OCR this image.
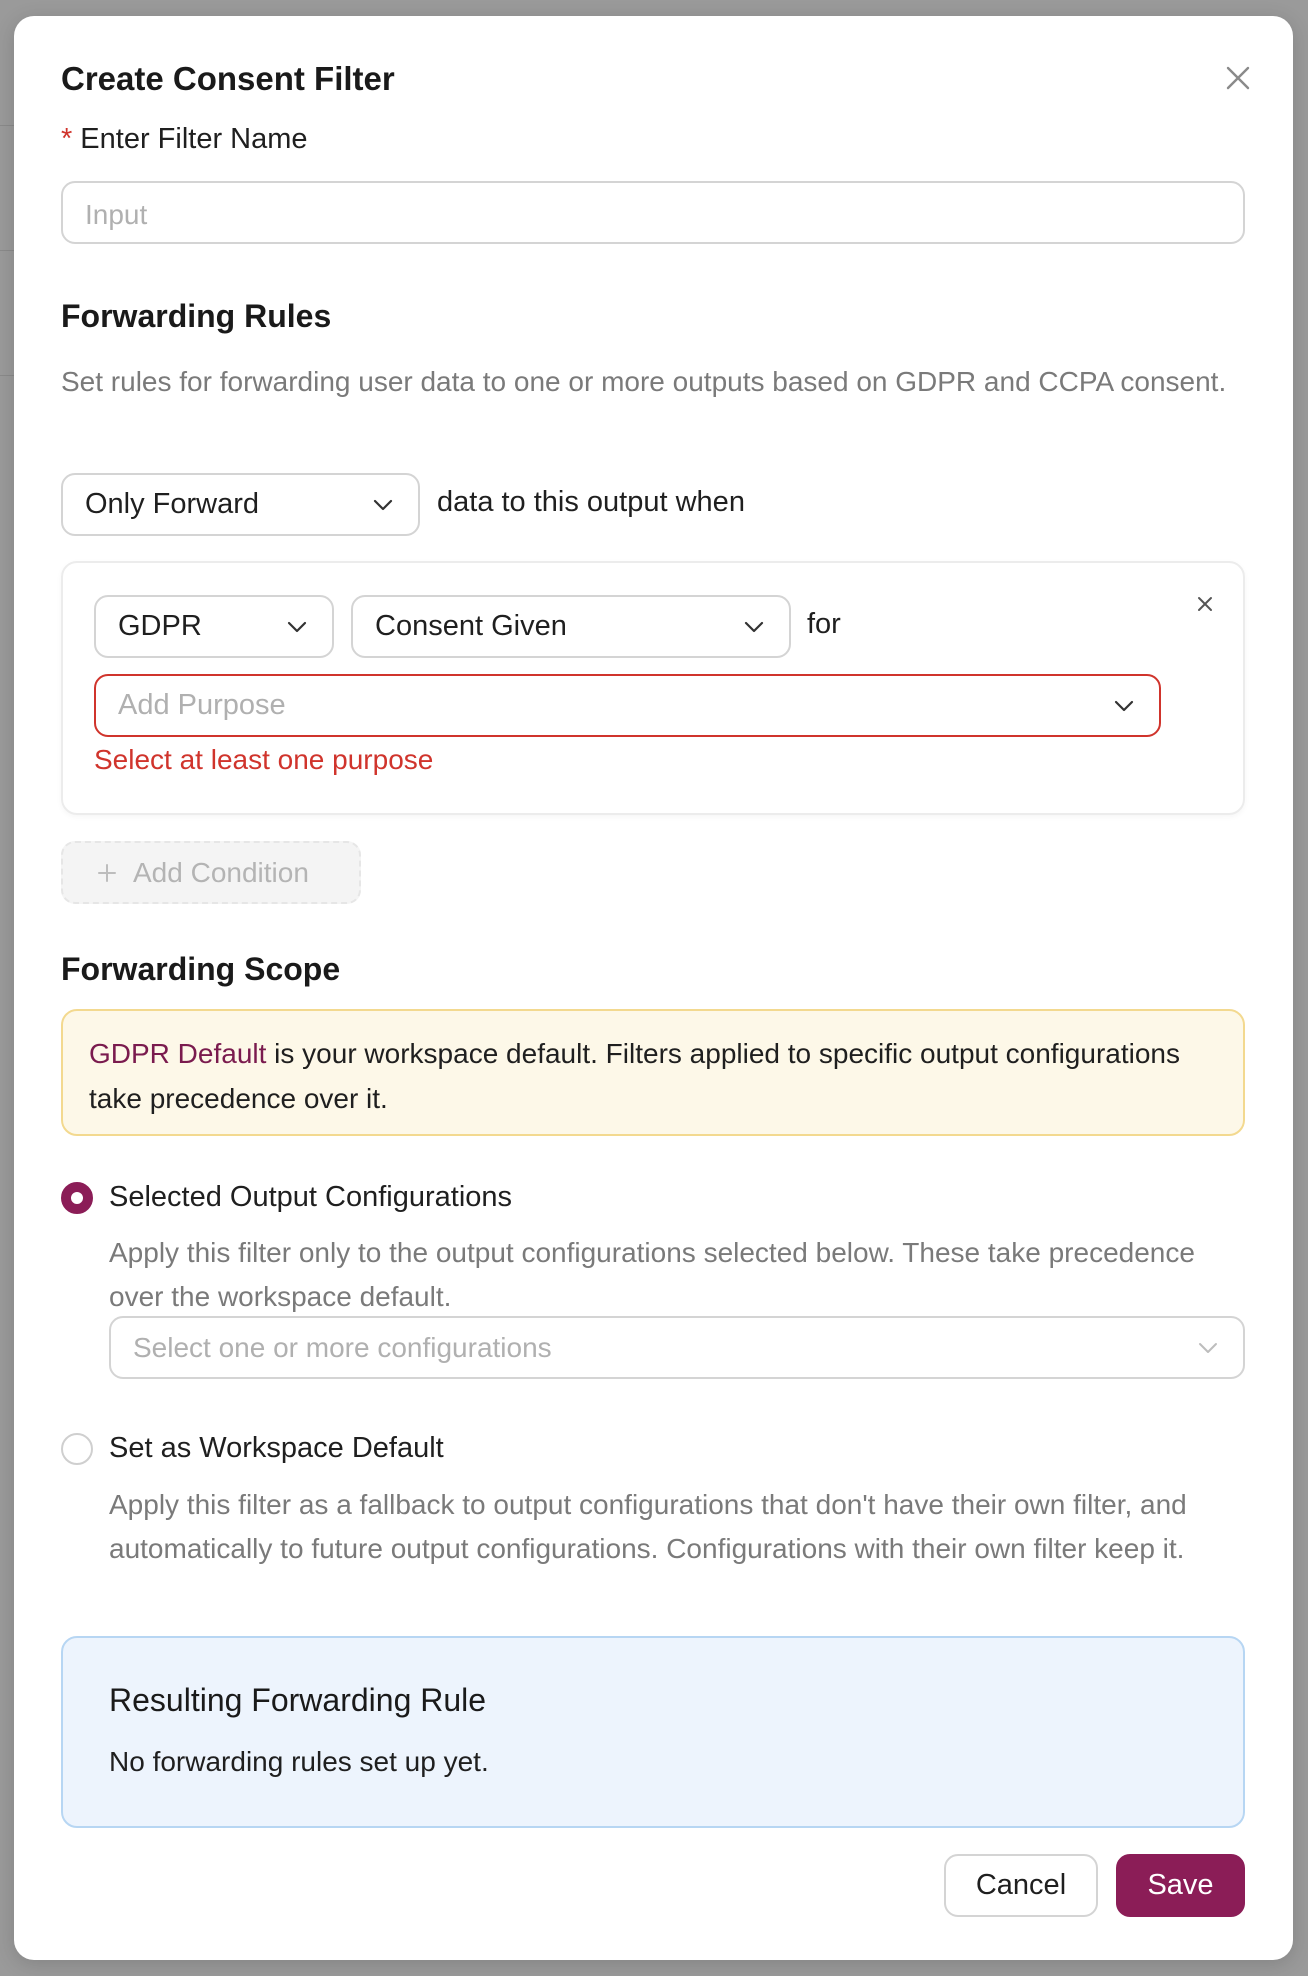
Create Consent Filter
* Enter Filter Name
Input
Forwarding Rules
Set rules for forwarding user data to one or more outputs based on GDPR and CCPA consent.
Only Forward	data to this output when
GDPR	Consent Given	for
Add Purpose
Select at least one purpose
Add Condition
Forwarding Scope
GDPR Default is your workspace default. Filters applied to specific output configurations take precedence over it.
Selected Output Configurations
Apply this filter only to the output configurations selected below. These take precedence over the workspace default.
Select one or more configurations
Set as Workspace Default
Apply this filter as a fallback to output configurations that don't have their own filter, and automatically to future output configurations. Configurations with their own filter keep it.
Resulting Forwarding Rule
No forwarding rules set up yet.
Cancel	Save
